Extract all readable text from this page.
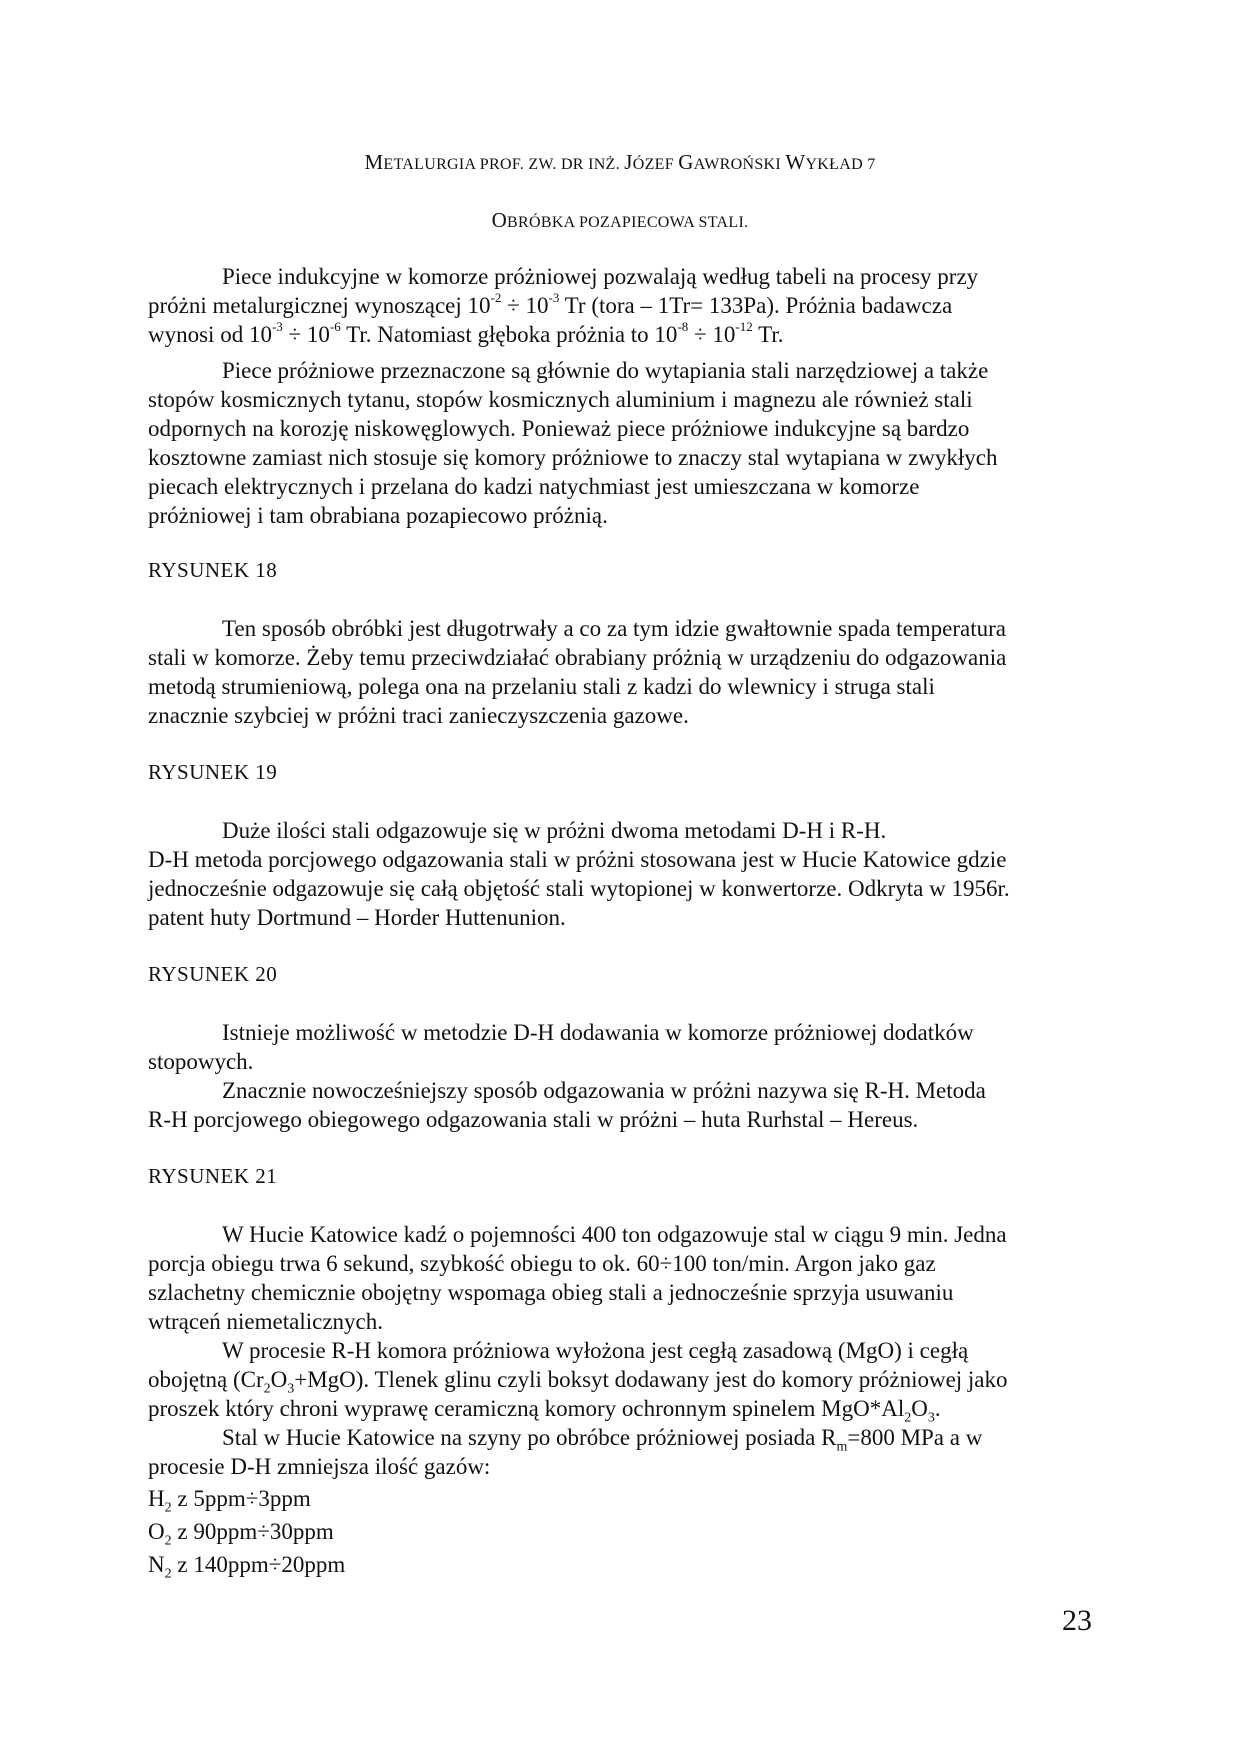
METALURGIA PROF. ZW. DR INŻ. JÓZEF GAWROŃSKI WYKŁAD 7
OBRÓBKA POZAPIECOWA STALI.
Piece indukcyjne w komorze próżniowej pozwalają według tabeli na procesy przy
próżni metalurgicznej wynoszącej $10^{-2} \div 10^{-3}$ Tr (tora – 1Tr= 133Pa). Próżnia badawcza
wynosi od $10^{-3} \div 10^{-6}$ Tr. Natomiast głęboka próżnia to $10^{-8} \div 10^{-12}$ Tr.
Piece próżniowe przeznaczone są głównie do wytapiania stali narzędziowej a także
stopów kosmicznych tytanu, stopów kosmicznych aluminium i magnezu ale również stali
odpornych na korozję niskowęglowych. Ponieważ piece próżniowe indukcyjne są bardzo
kosztowne zamiast nich stosuje się komory próżniowe to znaczy stal wytapiana w zwykłych
piecach elektrycznych i przelana do kadzi natychmiast jest umieszczana w komorze
próżniowej i tam obrabiana pozapiecowo próżnią.
RYSUNEK 18
Ten sposób obróbki jest długotrwały a co za tym idzie gwałtownie spada temperatura
stali w komorze. Żeby temu przeciwdziałać obrabiany próżnią w urządzeniu do odgazowania
metodą strumieniową, polega ona na przelaniu stali z kadzi do wlewnicy i struga stali
znacznie szybciej w próżni traci zanieczyszczenia gazowe.
RYSUNEK 19
Duże ilości stali odgazowuje się w próżni dwoma metodami D-H i R-H.
D-H metoda porcjowego odgazowania stali w próżni stosowana jest w Hucie Katowice gdzie
jednocześnie odgazowuje się całą objętość stali wytopionej w konwertorze. Odkryta w 1956r.
patent huty Dortmund – Horder Huttenunion.
RYSUNEK 20
Istnieje możliwość w metodzie D-H dodawania w komorze próżniowej dodatków
stopowych.
Znacznie nowocześniejszy sposób odgazowania w próżni nazywa się R-H. Metoda
R-H porcjowego obiegowego odgazowania stali w próżni – huta Rurhstal – Hereus.
RYSUNEK 21
W Hucie Katowice kadź o pojemności 400 ton odgazowuje stal w ciągu 9 min. Jedna
porcja obiegu trwa 6 sekund, szybkość obiegu to ok. 60÷100 ton/min. Argon jako gaz
szlachetny chemicznie obojętny wspomaga obieg stali a jednocześnie sprzyja usuwaniu
wtrąceń niemetalicznych.
W procesie R-H komora próżniowa wyłożona jest cegłą zasadową (MgO) i cegłą
obojętną $(Cr_2O_3+MgO)$. Tlenek glinu czyli boksyt dodawany jest do komory próżniowej jako
proszek który chroni wyprawę ceramiczną komory ochronnym spinelem $MgO*Al_2O_3$.
Stal w Hucie Katowice na szyny po obróbce próżniowej posiada $R_m=800$ MPa a w
procesie D-H zmniejsza ilość gazów:
$H_2$ z 5ppm÷3ppm
$O_2$ z 90ppm÷30ppm
$N_2$ z 140ppm÷20ppm
23
